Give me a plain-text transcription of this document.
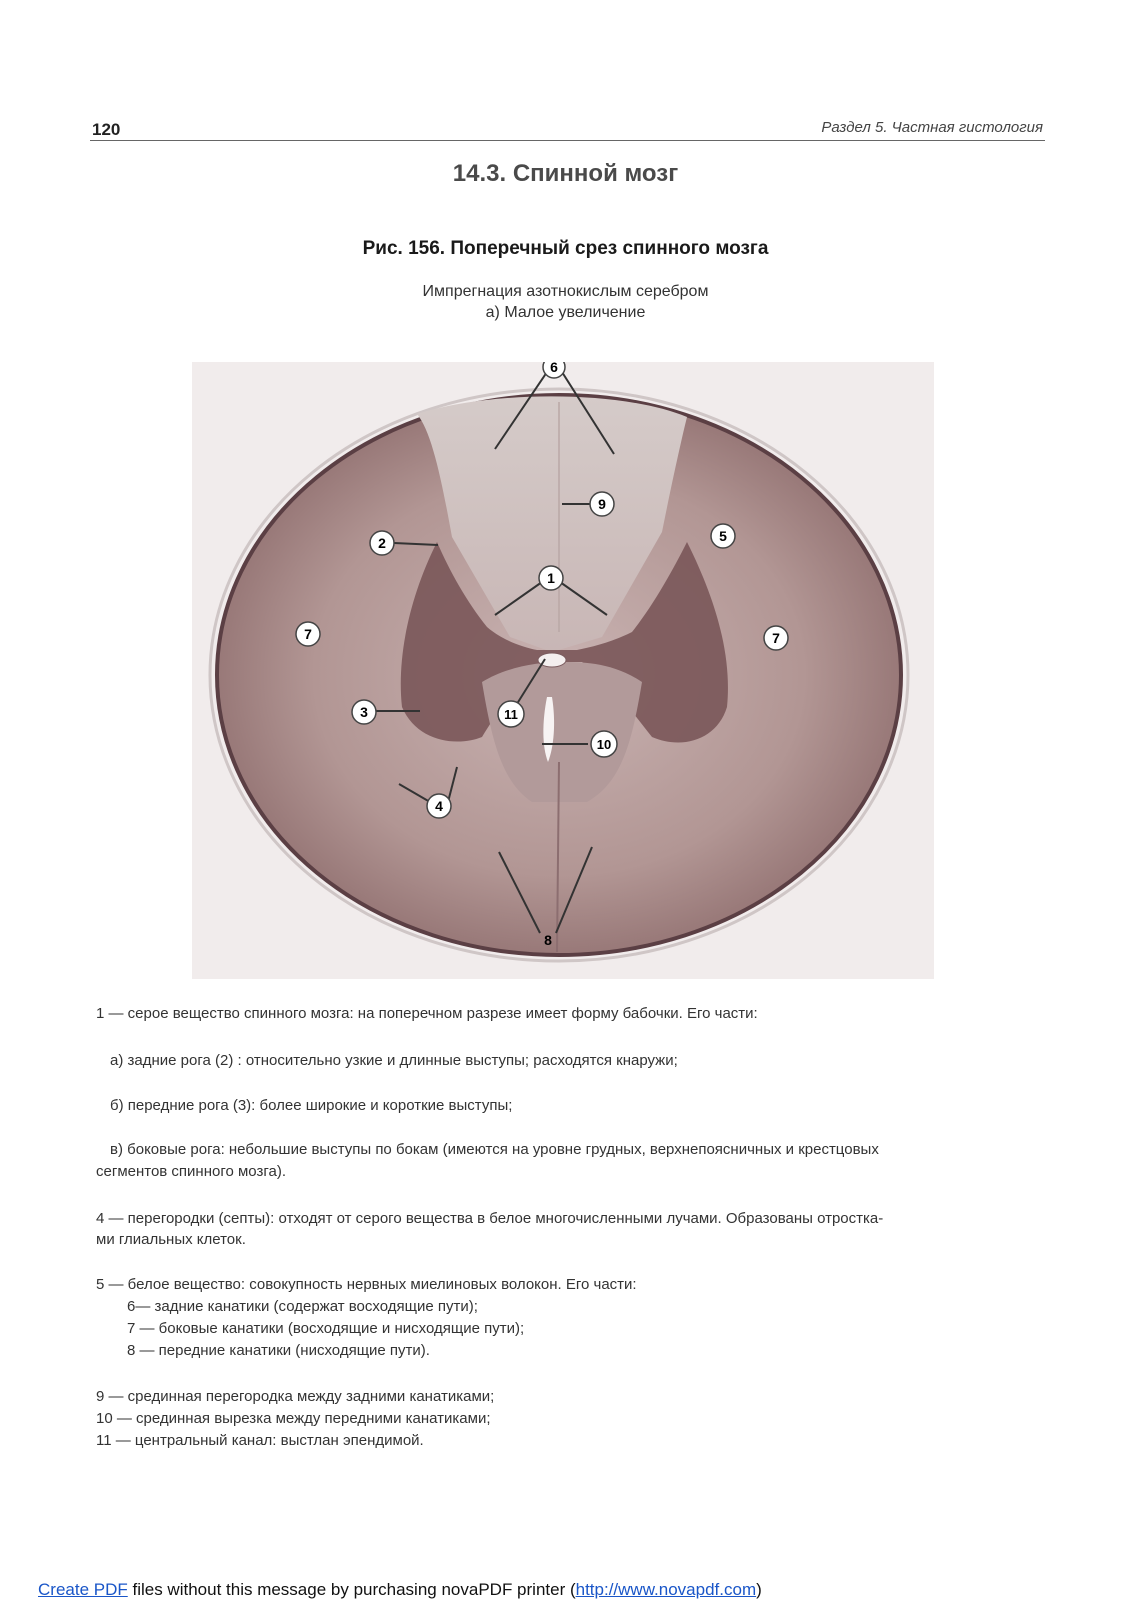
120	Раздел 5. Частная гистология
14.3. Спинной мозг
Рис. 156. Поперечный срез спинного мозга
Импрегнация азотнокислым серебром
а) Малое увеличение
6
9
2	5
1
7	7
3	11
10
4
8
1 — серое вещество спинного мозга: на поперечном разрезе имеет форму бабочки. Его части:
а) задние рога (2) : относительно узкие и длинные выступы; расходятся кнаружи;
б) передние рога (3): более широкие и короткие выступы;
в) боковые рога: небольшие выступы по бокам (имеются на уровне грудных, верхнепоясничных и крестцовых
сегментов спинного мозга).
4 — перегородки (септы): отходят от серого вещества в белое многочисленными лучами. Образованы отростка-
ми глиальных клеток.
5 — белое вещество: совокупность нервных миелиновых волокон. Его части:
6— задние канатики (содержат восходящие пути);
7 — боковые канатики (восходящие и нисходящие пути);
8 — передние канатики (нисходящие пути).
9 — срединная перегородка между задними канатиками;
10 — срединная вырезка между передними канатиками;
11 — центральный канал: выстлан эпендимой.
Create PDF files without this message by purchasing novaPDF printer (http://www.novapdf.com)
